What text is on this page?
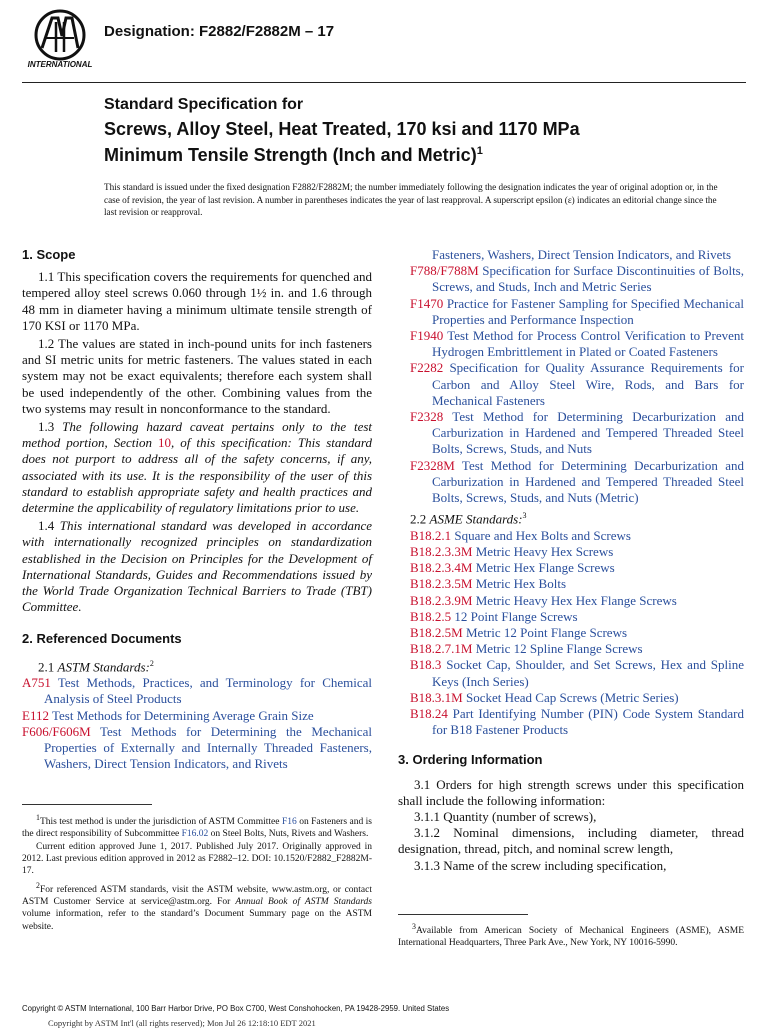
INTERNATIONAL
Designation: F2882/F2882M – 17
Standard Specification for
Screws, Alloy Steel, Heat Treated, 170 ksi and 1170 MPa
Minimum Tensile Strength (Inch and Metric)$^1$
This standard is issued under the fixed designation F2882/F2882M; the number immediately following the designation indicates the year of original adoption or, in the case of revision, the year of last revision. A number in parentheses indicates the year of last reapproval. A superscript epsilon (ε) indicates an editorial change since the last revision or reapproval.
1. Scope

1.1 This specification covers the requirements for quenched and tempered alloy steel screws 0.060 through 1½ in. and 1.6 through 48 mm in diameter having a minimum ultimate tensile strength of 170 KSI or 1170 MPa.

1.2 The values are stated in inch-pound units for inch fasteners and SI metric units for metric fasteners. The values stated in each system may not be exact equivalents; therefore each system shall be used independently of the other. Combining values from the two systems may result in nonconformance to the standard.

1.3 The following hazard caveat pertains only to the test method portion, Section 10, of this specification: This standard does not purport to address all of the safety concerns, if any, associated with its use. It is the responsibility of the user of this standard to establish appropriate safety and health practices and determine the applicability of regulatory limitations prior to use.

1.4 This international standard was developed in accordance with internationally recognized principles on standardization established in the Decision on Principles for the Development of International Standards, Guides and Recommendations issued by the World Trade Organization Technical Barriers to Trade (TBT) Committee.

2. Referenced Documents
2.1 ASTM Standards:$^2$
A751 Test Methods, Practices, and Terminology for Chemical Analysis of Steel Products
E112 Test Methods for Determining Average Grain Size
F606/F606M Test Methods for Determining the Mechanical Properties of Externally and Internally Threaded Fasteners, Washers, Direct Tension Indicators, and Rivets
$^1$This test method is under the jurisdiction of ASTM Committee F16 on Fasteners and is the direct responsibility of Subcommittee F16.02 on Steel Bolts, Nuts, Rivets and Washers.
Current edition approved June 1, 2017. Published July 2017. Originally approved in 2012. Last previous edition approved in 2012 as F2882–12. DOI: 10.1520/F2882_F2882M-17.
$^2$For referenced ASTM standards, visit the ASTM website, www.astm.org, or contact ASTM Customer Service at service@astm.org. For Annual Book of ASTM Standards volume information, refer to the standard’s Document Summary page on the ASTM website.
Fasteners, Washers, Direct Tension Indicators, and Rivets
F788/F788M Specification for Surface Discontinuities of Bolts, Screws, and Studs, Inch and Metric Series
F1470 Practice for Fastener Sampling for Specified Mechanical Properties and Performance Inspection
F1940 Test Method for Process Control Verification to Prevent Hydrogen Embrittlement in Plated or Coated Fasteners
F2282 Specification for Quality Assurance Requirements for Carbon and Alloy Steel Wire, Rods, and Bars for Mechanical Fasteners
F2328 Test Method for Determining Decarburization and Carburization in Hardened and Tempered Threaded Steel Bolts, Screws, Studs, and Nuts
F2328M Test Method for Determining Decarburization and Carburization in Hardened and Tempered Threaded Steel Bolts, Screws, Studs, and Nuts (Metric)
2.2 ASME Standards:$^3$
B18.2.1 Square and Hex Bolts and Screws
B18.2.3.3M Metric Heavy Hex Screws
B18.2.3.4M Metric Hex Flange Screws
B18.2.3.5M Metric Hex Bolts
B18.2.3.9M Metric Heavy Hex Hex Flange Screws
B18.2.5 12 Point Flange Screws
B18.2.5M Metric 12 Point Flange Screws
B18.2.7.1M Metric 12 Spline Flange Screws
B18.3 Socket Cap, Shoulder, and Set Screws, Hex and Spline Keys (Inch Series)
B18.3.1M Socket Head Cap Screws (Metric Series)
B18.24 Part Identifying Number (PIN) Code System Standard for B18 Fastener Products
3. Ordering Information

3.1 Orders for high strength screws under this specification shall include the following information:

3.1.1 Quantity (number of screws),

3.1.2 Nominal dimensions, including diameter, thread designation, thread, pitch, and nominal screw length,

3.1.3 Name of the screw including specification,

$^3$Available from American Society of Mechanical Engineers (ASME), ASME International Headquarters, Three Park Ave., New York, NY 10016-5990.
Copyright © ASTM International, 100 Barr Harbor Drive, PO Box C700, West Conshohocken, PA 19428-2959. United States
Copyright by ASTM Int'l (all rights reserved); Mon Jul 26 12:18:10 EDT 2021
